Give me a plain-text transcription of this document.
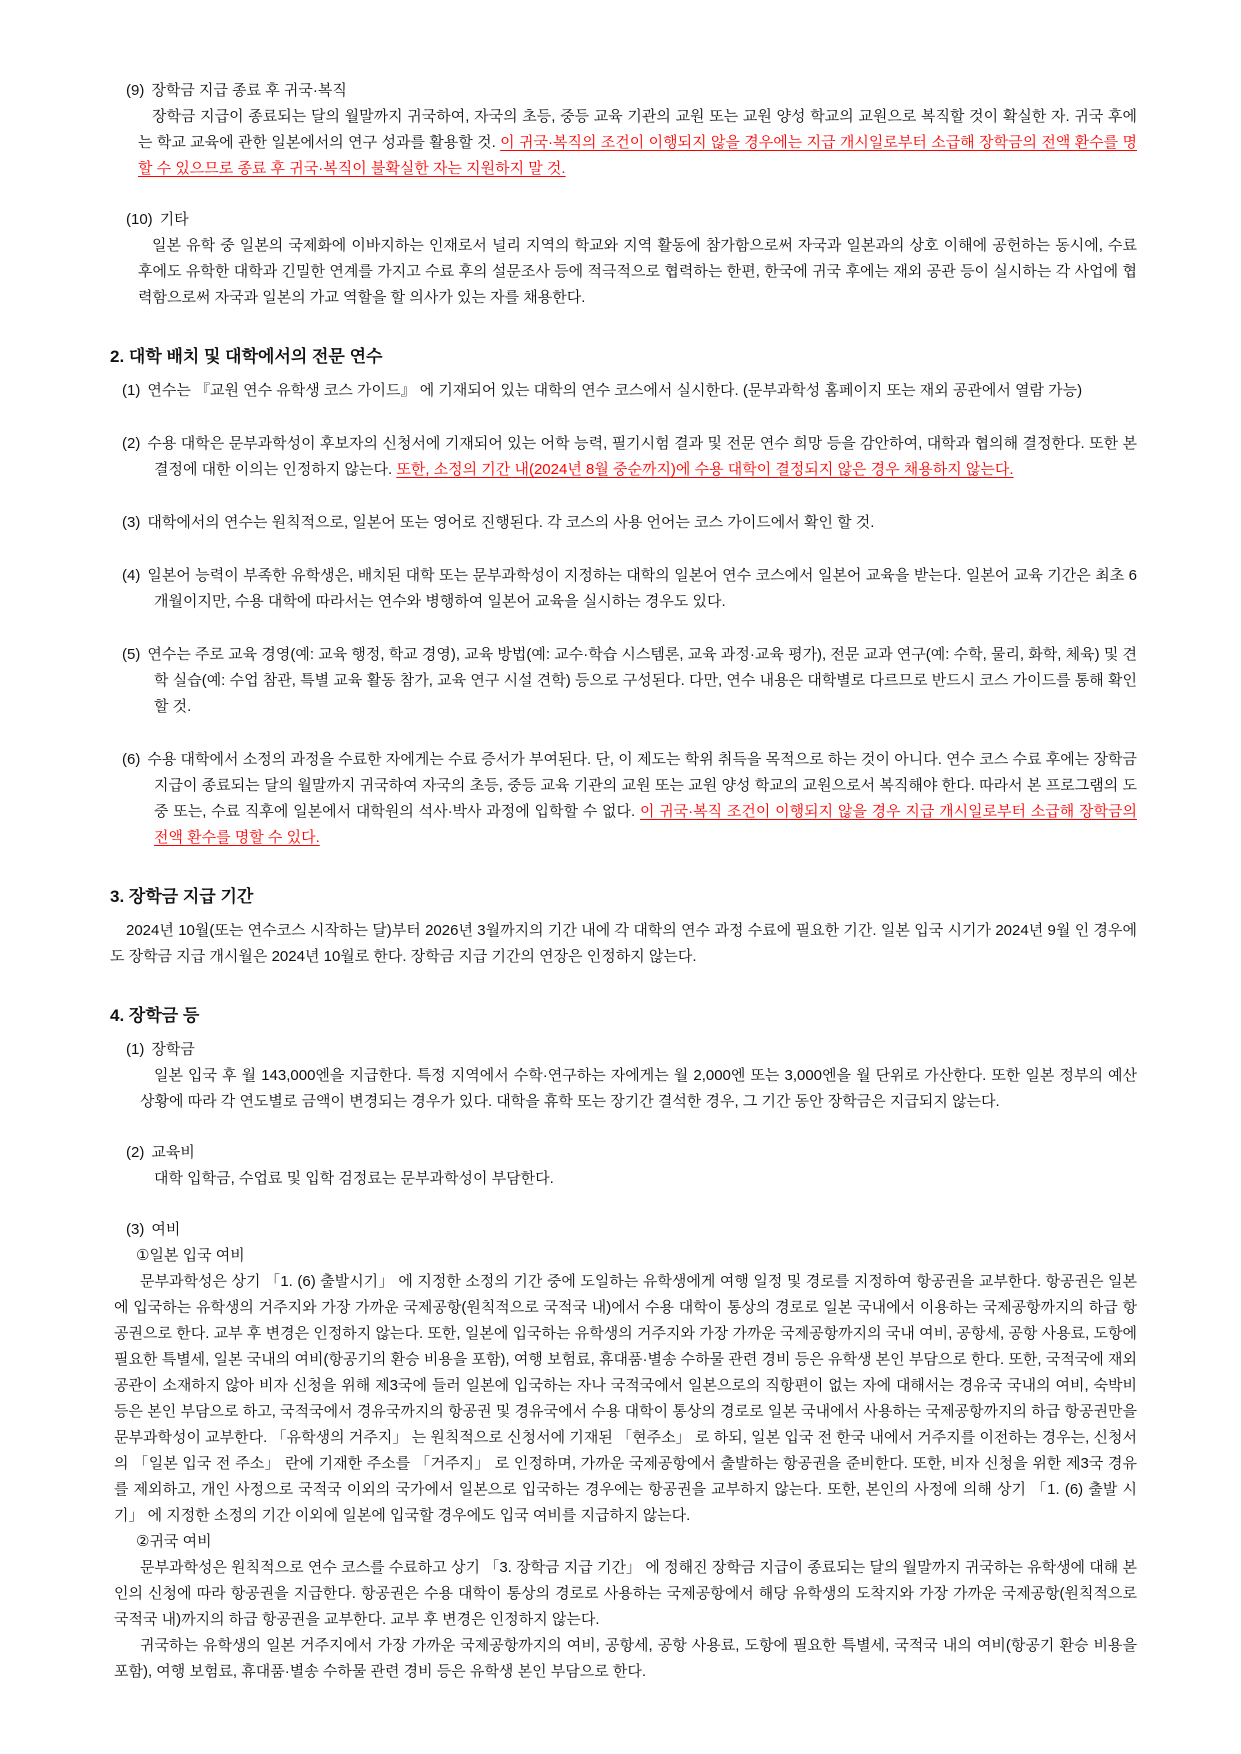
(9) 장학금 지급 종료 후 귀국·복직
장학금 지급이 종료되는 달의 월말까지 귀국하여, 자국의 초등, 중등 교육 기관의 교원 또는 교원 양성 학교의 교원으로 복직할 것이 확실한 자. 귀국 후에는 학교 교육에 관한 일본에서의 연구 성과를 활용할 것. 이 귀국·복직의 조건이 이행되지 않을 경우에는 지급 개시일로부터 소급해 장학금의 전액 환수를 명할 수 있으므로 종료 후 귀국·복직이 불확실한 자는 지원하지 말 것.
(10) 기타
일본 유학 중 일본의 국제화에 이바지하는 인재로서 널리 지역의 학교와 지역 활동에 참가함으로써 자국과 일본과의 상호 이해에 공헌하는 동시에, 수료 후에도 유학한 대학과 긴밀한 연계를 가지고 수료 후의 설문조사 등에 적극적으로 협력하는 한편, 한국에 귀국 후에는 재외 공관 등이 실시하는 각 사업에 협력함으로써 자국과 일본의 가교 역할을 할 의사가 있는 자를 채용한다.
2. 대학 배치 및 대학에서의 전문 연수
(1) 연수는 『교원 연수 유학생 코스 가이드』 에 기재되어 있는 대학의 연수 코스에서 실시한다. (문부과학성 홈페이지 또는 재외 공관에서 열람 가능)
(2) 수용 대학은 문부과학성이 후보자의 신청서에 기재되어 있는 어학 능력, 필기시험 결과 및 전문 연수 희망 등을 감안하여, 대학과 협의해 결정한다. 또한 본 결정에 대한 이의는 인정하지 않는다. 또한, 소정의 기간 내(2024년 8월 중순까지)에 수용 대학이 결정되지 않은 경우 채용하지 않는다.
(3) 대학에서의 연수는 원칙적으로, 일본어 또는 영어로 진행된다. 각 코스의 사용 언어는 코스 가이드에서 확인 할 것.
(4) 일본어 능력이 부족한 유학생은, 배치된 대학 또는 문부과학성이 지정하는 대학의 일본어 연수 코스에서 일본어 교육을 받는다. 일본어 교육 기간은 최초 6개월이지만, 수용 대학에 따라서는 연수와 병행하여 일본어 교육을 실시하는 경우도 있다.
(5) 연수는 주로 교육 경영(예: 교육 행정, 학교 경영), 교육 방법(예: 교수·학습 시스템론, 교육 과정·교육 평가), 전문 교과 연구(예: 수학, 물리, 화학, 체육) 및 견학 실습(예: 수업 참관, 특별 교육 활동 참가, 교육 연구 시설 견학) 등으로 구성된다. 다만, 연수 내용은 대학별로 다르므로 반드시 코스 가이드를 통해 확인할 것.
(6) 수용 대학에서 소정의 과정을 수료한 자에게는 수료 증서가 부여된다. 단, 이 제도는 학위 취득을 목적으로 하는 것이 아니다. 연수 코스 수료 후에는 장학금 지급이 종료되는 달의 월말까지 귀국하여 자국의 초등, 중등 교육 기관의 교원 또는 교원 양성 학교의 교원으로서 복직해야 한다. 따라서 본 프로그램의 도중 또는, 수료 직후에 일본에서 대학원의 석사·박사 과정에 입학할 수 없다. 이 귀국·복직 조건이 이행되지 않을 경우 지급 개시일로부터 소급해 장학금의 전액 환수를 명할 수 있다.
3. 장학금 지급 기간
2024년 10월(또는 연수코스 시작하는 달)부터 2026년 3월까지의 기간 내에 각 대학의 연수 과정 수료에 필요한 기간. 일본 입국 시기가 2024년 9월 인 경우에도 장학금 지급 개시월은 2024년 10월로 한다. 장학금 지급 기간의 연장은 인정하지 않는다.
4. 장학금 등
(1) 장학금
일본 입국 후 월 143,000엔을 지급한다. 특정 지역에서 수학·연구하는 자에게는 월 2,000엔 또는 3,000엔을 월 단위로 가산한다. 또한 일본 정부의 예산 상황에 따라 각 연도별로 금액이 변경되는 경우가 있다. 대학을 휴학 또는 장기간 결석한 경우, 그 기간 동안 장학금은 지급되지 않는다.
(2) 교육비
대학 입학금, 수업료 및 입학 검정료는 문부과학성이 부담한다.
(3) 여비
①일본 입국 여비
문부과학성은 상기 「1. (6) 출발시기」 에 지정한 소정의 기간 중에 도일하는 유학생에게 여행 일정 및 경로를 지정하여 항공권을 교부한다. 항공권은 일본에 입국하는 유학생의 거주지와 가장 가까운 국제공항(원칙적으로 국적국 내)에서 수용 대학이 통상의 경로로 일본 국내에서 이용하는 국제공항까지의 하급 항공권으로 한다. 교부 후 변경은 인정하지 않는다. 또한, 일본에 입국하는 유학생의 거주지와 가장 가까운 국제공항까지의 국내 여비, 공항세, 공항 사용료, 도항에 필요한 특별세, 일본 국내의 여비(항공기의 환승 비용을 포함), 여행 보험료, 휴대품·별송 수하물 관련 경비 등은 유학생 본인 부담으로 한다. 또한, 국적국에 재외 공관이 소재하지 않아 비자 신청을 위해 제3국에 들러 일본에 입국하는 자나 국적국에서 일본으로의 직항편이 없는 자에 대해서는 경유국 국내의 여비, 숙박비 등은 본인 부담으로 하고, 국적국에서 경유국까지의 항공권 및 경유국에서 수용 대학이 통상의 경로로 일본 국내에서 사용하는 국제공항까지의 하급 항공권만을 문부과학성이 교부한다. 「유학생의 거주지」 는 원칙적으로 신청서에 기재된 「현주소」 로 하되, 일본 입국 전 한국 내에서 거주지를 이전하는 경우는, 신청서의 「일본 입국 전 주소」 란에 기재한 주소를 「거주지」 로 인정하며, 가까운 국제공항에서 출발하는 항공권을 준비한다. 또한, 비자 신청을 위한 제3국 경유를 제외하고, 개인 사정으로 국적국 이외의 국가에서 일본으로 입국하는 경우에는 항공권을 교부하지 않는다. 또한, 본인의 사정에 의해 상기 「1. (6) 출발 시기」 에 지정한 소정의 기간 이외에 일본에 입국할 경우에도 입국 여비를 지급하지 않는다.
②귀국 여비
문부과학성은 원칙적으로 연수 코스를 수료하고 상기 「3. 장학금 지급 기간」 에 정해진 장학금 지급이 종료되는 달의 월말까지 귀국하는 유학생에 대해 본인의 신청에 따라 항공권을 지급한다. 항공권은 수용 대학이 통상의 경로로 사용하는 국제공항에서 해당 유학생의 도착지와 가장 가까운 국제공항(원칙적으로 국적국 내)까지의 하급 항공권을 교부한다. 교부 후 변경은 인정하지 않는다.
귀국하는 유학생의 일본 거주지에서 가장 가까운 국제공항까지의 여비, 공항세, 공항 사용료, 도항에 필요한 특별세, 국적국 내의 여비(항공기 환승 비용을 포함), 여행 보험료, 휴대품·별송 수하물 관련 경비 등은 유학생 본인 부담으로 한다.
